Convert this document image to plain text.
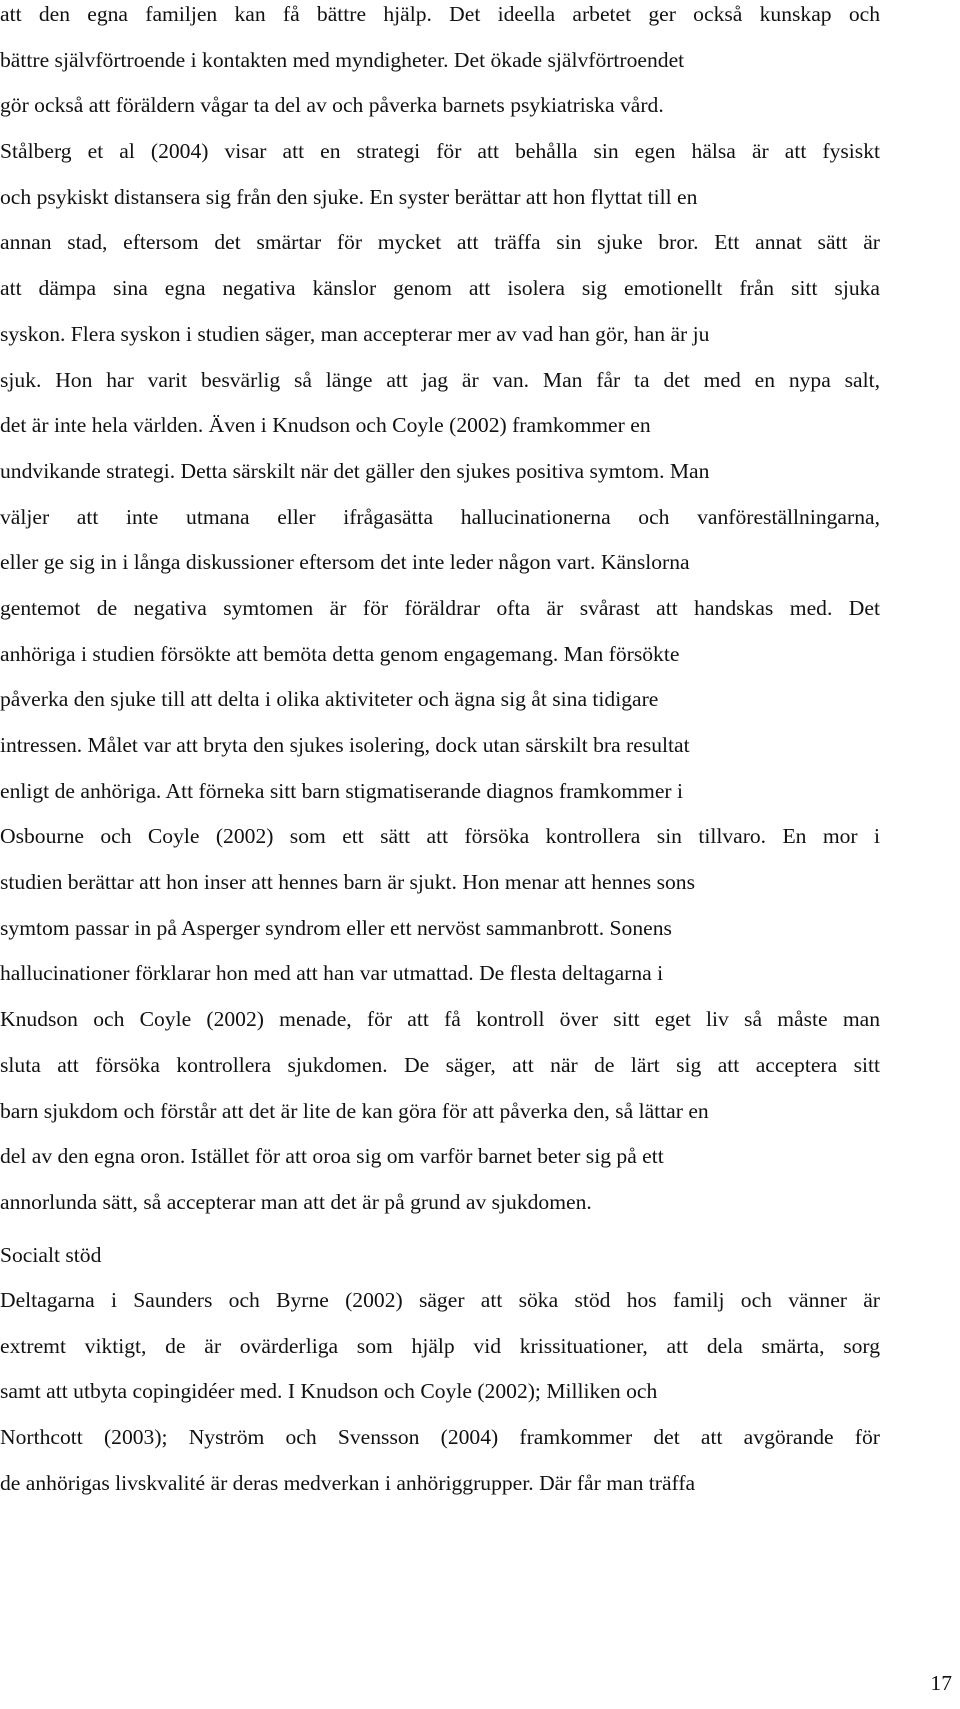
att den egna familjen kan få bättre hjälp. Det ideella arbetet ger också kunskap och
bättre självförtroende i kontakten med myndigheter. Det ökade självförtroendet
gör också att föräldern vågar ta del av och påverka barnets psykiatriska vård.
Stålberg et al (2004) visar att en strategi för att behålla sin egen hälsa är att fysiskt
och psykiskt distansera sig från den sjuke. En syster berättar att hon flyttat till en
annan stad, eftersom det smärtar för mycket att träffa sin sjuke bror. Ett annat sätt är
att dämpa sina egna negativa känslor genom att isolera sig emotionellt från sitt sjuka
syskon. Flera syskon i studien säger, man accepterar mer av vad han gör, han är ju
sjuk. Hon har varit besvärlig så länge att jag är van. Man får ta det med en nypa salt,
det är inte hela världen. Även i Knudson och Coyle (2002) framkommer en
undvikande strategi. Detta särskilt när det gäller den sjukes positiva symtom. Man
väljer att inte utmana eller ifrågasätta hallucinationerna och vanföreställningarna,
eller ge sig in i långa diskussioner eftersom det inte leder någon vart. Känslorna
gentemot de negativa symtomen är för föräldrar ofta är svårast att handskas med. Det
anhöriga i studien försökte att bemöta detta genom engagemang. Man försökte
påverka den sjuke till att delta i olika aktiviteter och ägna sig åt sina tidigare
intressen. Målet var att bryta den sjukes isolering, dock utan särskilt bra resultat
enligt de anhöriga. Att förneka sitt barn stigmatiserande diagnos framkommer i
Osbourne och Coyle (2002) som ett sätt att försöka kontrollera sin tillvaro. En mor i
studien berättar att hon inser att hennes barn är sjukt. Hon menar att hennes sons
symtom passar in på Asperger syndrom eller ett nervöst sammanbrott. Sonens
hallucinationer förklarar hon med att han var utmattad. De flesta deltagarna i
Knudson och Coyle (2002) menade, för att få kontroll över sitt eget liv så måste man
sluta att försöka kontrollera sjukdomen. De säger, att när de lärt sig att acceptera sitt
barn sjukdom och förstår att det är lite de kan göra för att påverka den, så lättar en
del av den egna oron. Istället för att oroa sig om varför barnet beter sig på ett
annorlunda sätt, så accepterar man att det är på grund av sjukdomen.
Socialt stöd
Deltagarna i Saunders och Byrne (2002) säger att söka stöd hos familj och vänner är
extremt viktigt, de är ovärderliga som hjälp vid krissituationer, att dela smärta, sorg
samt att utbyta copingidéer med. I Knudson och Coyle (2002); Milliken och
Northcott (2003); Nyström och Svensson (2004) framkommer det att avgörande för
de anhörigas livskvalité är deras medverkan i anhöriggrupper. Där får man träffa
17
